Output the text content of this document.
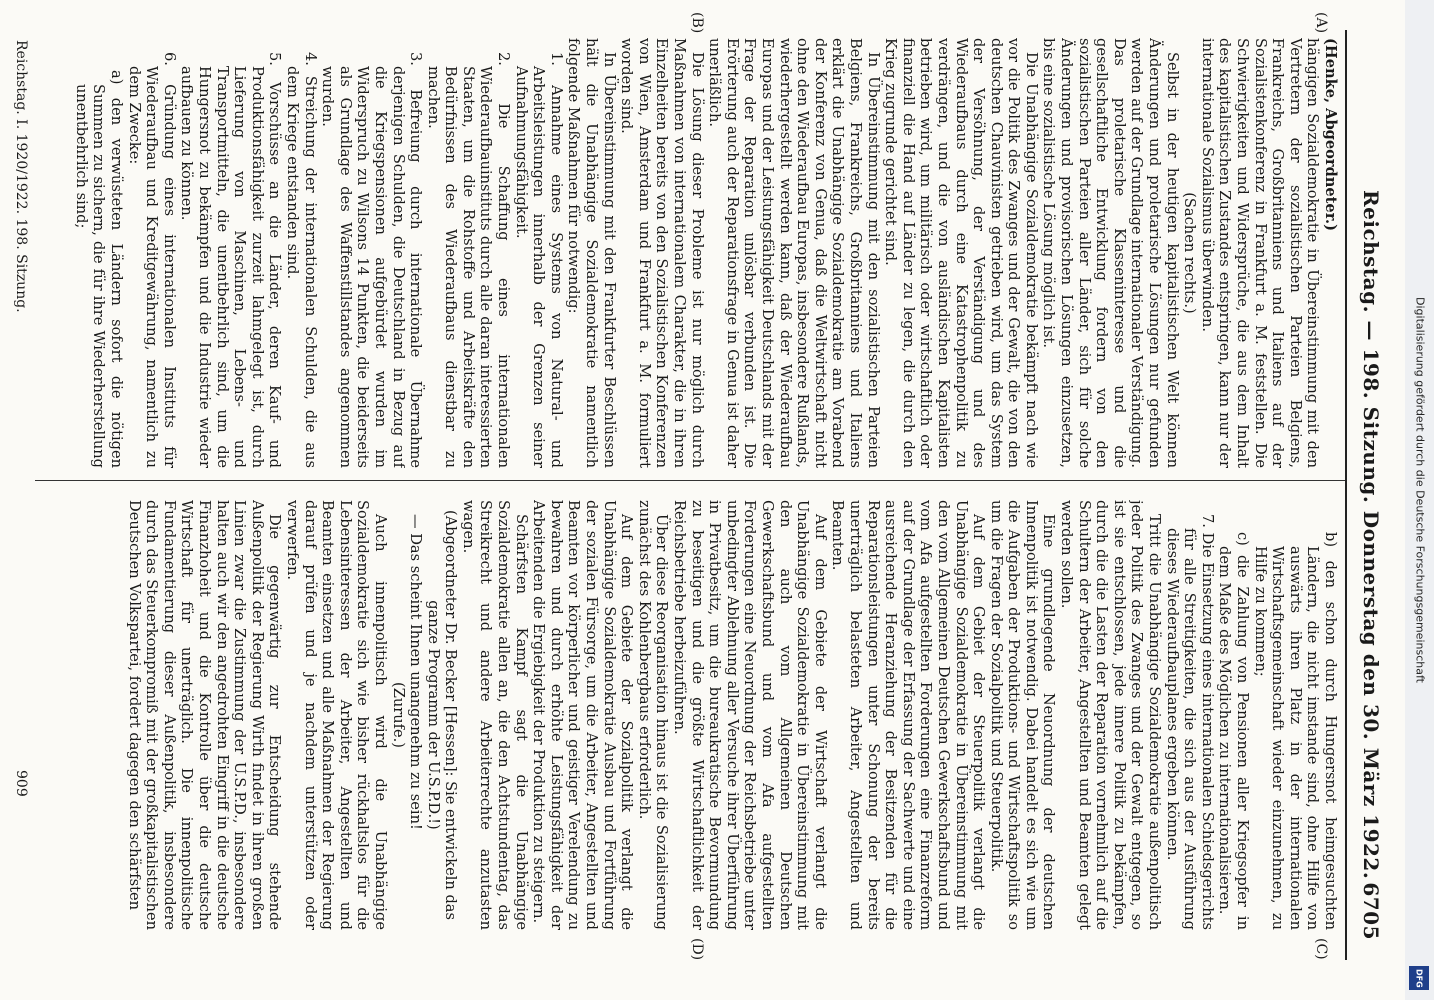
Reichstag. — 198. Sitzung. Donnerstag den 30. März 1922.
6705
(A)
(B)
(C)
(D)

(Henke, Abgeordneter.)

hängigen Sozialdemokratie in Übereinstimmung mit den Vertretern der sozialistischen Parteien Belgiens, Frankreichs, Großbritanniens und Italiens auf der Sozialistenkonferenz in Frankfurt a. M. feststellen. Die Schwierigkeiten und Widersprüche, die aus dem Inhalt des kapitalistischen Zustandes entspringen, kann nur der internationale Sozialismus überwinden.

(Sachen rechts.)

Selbst in der heutigen kapitalistischen Welt können Änderungen und proletarische Lösungen nur gefunden werden auf der Grundlage internationaler Verständigung. Das proletarische Klasseninteresse und die gesellschaftliche Entwicklung fordern von den sozialistischen Parteien aller Länder, sich für solche Änderungen und provisorischen Lösungen einzusetzen, bis eine sozialistische Lösung möglich ist.

Die Unabhängige Sozialdemokratie bekämpft nach wie vor die Politik des Zwanges und der Gewalt, die von den deutschen Chauvinisten getrieben wird, um das System der Versöhnung, der Verständigung und des Wiederaufbaus durch eine Katastrophenpolitik zu verdrängen, und die von ausländischen Kapitalisten betrieben wird, um militärisch oder wirtschaftlich oder finanziell die Hand auf Länder zu legen, die durch den Krieg zugrunde gerichtet sind.

In Übereinstimmung mit den sozialistischen Parteien Belgiens, Frankreichs, Großbritanniens und Italiens erklärt die Unabhängige Sozialdemokratie am Vorabend der Konferenz von Genua, daß die Weltwirtschaft nicht ohne den Wiederaufbau Europas, insbesondere Rußlands, wiederhergestellt werden kann, daß der Wiederaufbau Europas und der Leistungsfähigkeit Deutschlands mit der Frage der Reparation unlösbar verbunden ist. Die Erörterung auch der Reparationsfrage in Genua ist daher unerläßlich.

Die Lösung dieser Probleme ist nur möglich durch Maßnahmen von internationalem Charakter, die in ihren Einzelheiten bereits von den Sozialistischen Konferenzen von Wien, Amsterdam und Frankfurt a. M. formuliert worden sind.

In Übereinstimmung mit den Frankfurter Beschlüssen hält die Unabhängige Sozialdemokratie namentlich folgende Maßnahmen für notwendig:

1. Annahme eines Systems von Natural- und Arbeitsleistungen innerhalb der Grenzen seiner Aufnahmungsfähigkeit.

2. Die Schaffung eines internationalen Wiederaufbauinstituts durch alle daran interessierten Staaten, um die Rohstoffe und Arbeitskräfte den Bedürfnissen des Wiederaufbaus dienstbar zu machen.

3. Befreiung durch internationale Übernahme derjenigen Schulden, die Deutschland in Bezug auf die Kriegspensionen aufgebürdet wurden im Widerspruch zu Wilsons 14 Punkten, die beiderseits als Grundlage des Waffenstillstandes angenommen wurden.

4. Streichung der internationalen Schulden, die aus dem Kriege entstanden sind.

5. Vorschüsse an die Länder, deren Kauf- und Produktionsfähigkeit zurzeit lahmgelegt ist, durch Lieferung von Maschinen, Lebens- und Transportmitteln, die unentbehrlich sind, um die Hungersnot zu bekämpfen und die Industrie wieder aufbauen zu können.

6. Gründung eines internationalen Instituts für Wiederaufbau und Kreditgewährung, namentlich zu dem Zwecke:

a) den verwüsteten Ländern sofort die nötigen Summen zu sichern, die für ihre Wiederherstellung unentbehrlich sind;

b) den schon durch Hungersnot heimgesuchten Ländern, die nicht imstande sind, ohne Hilfe von auswärts ihren Platz in der internationalen Wirtschaftsgemeinschaft wieder einzunehmen, zu Hilfe zu kommen;

c) die Zahlung von Pensionen aller Kriegsopfer in dem Maße des Möglichen zu internationalisieren.

7. Die Einsetzung eines internationalen Schiedsgerichts für alle Streitigkeiten, die sich aus der Ausführung dieses Wiederaufbauplanes ergeben können.

Tritt die Unabhängige Sozialdemokratie außenpolitisch jeder Politik des Zwanges und der Gewalt entgegen, so ist sie entschlossen, jede innere Politik zu bekämpfen, durch die die Lasten der Reparation vornehmlich auf die Schultern der Arbeiter, Angestellten und Beamten gelegt werden sollen.

Eine grundlegende Neuordnung der deutschen Innenpolitik ist notwendig. Dabei handelt es sich wie um die Aufgaben der Produktions- und Wirtschaftspolitik so um die Fragen der Sozialpolitik und Steuerpolitik.

Auf dem Gebiet der Steuerpolitik verlangt die Unabhängige Sozialdemokratie in Übereinstimmung mit den vom Allgemeinen Deutschen Gewerkschaftsbund und vom Afa aufgestellten Forderungen eine Finanzreform auf der Grundlage der Erfassung der Sachwerte und eine ausreichende Heranziehung der Besitzenden für die Reparationsleistungen unter Schonung der bereits unerträglich belasteten Arbeiter, Angestellten und Beamten.

Auf dem Gebiete der Wirtschaft verlangt die Unabhängige Sozialdemokratie in Übereinstimmung mit den auch vom Allgemeinen Deutschen Gewerkschaftsbund und vom Afa aufgestellten Forderungen eine Neuordnung der Reichsbetriebe unter unbedingter Ablehnung aller Versuche ihrer Überführung in Privatbesitz, um die bureaukratische Bevormundung zu beseitigen und die größte Wirtschaftlichkeit der Reichsbetriebe herbeizuführen.

Über diese Reorganisation hinaus ist die Sozialisierung zunächst des Kohlenbergbaus erforderlich.

Auf dem Gebiete der Sozialpolitik verlangt die Unabhängige Sozialdemokratie Ausbau und Fortführung der sozialen Fürsorge, um die Arbeiter, Angestellten und Beamten vor körperlicher und geistiger Verelendung zu bewahren und durch erhöhte Leistungsfähigkeit der Arbeitenden die Ergiebigkeit der Produktion zu steigern.

Schärfsten Kampf sagt die Unabhängige Sozialdemokratie allen an, die den Achtstundentag, das Streikrecht und andere Arbeiterrechte anzutasten wagen.

(Abgeordneter Dr. Becker [Hessen]: Sie entwickeln das ganze Programm der U.S.P.D.!)

— Das scheint Ihnen unangenehm zu sein!

(Zurufe.)

Auch innenpolitisch wird die Unabhängige Sozialdemokratie sich wie bisher rückhaltslos für die Lebensinteressen der Arbeiter, Angestellten und Beamten einsetzen und alle Maßnahmen der Regierung darauf prüfen und je nachdem unterstützen oder verwerfen.

Die gegenwärtig zur Entscheidung stehende Außenpolitik der Regierung Wirth findet in ihren großen Linien zwar die Zustimmung der U.S.P.D., insbesondere halten auch wir den angedrohten Eingriff in die deutsche Finanzhoheit und die Kontrolle über die deutsche Wirtschaft für unerträglich. Die innenpolitische Fundamentierung dieser Außenpolitik, insbesondere durch das Steuerkompromiß mit der großkapitalistischen Deutschen Volkspartei, fordert dagegen den schärfsten

Reichstag. I. 1920/1922. 198. Sitzung.
909
Digitalisierung gefördert durch die Deutsche Forschungsgemeinschaft
DFG
